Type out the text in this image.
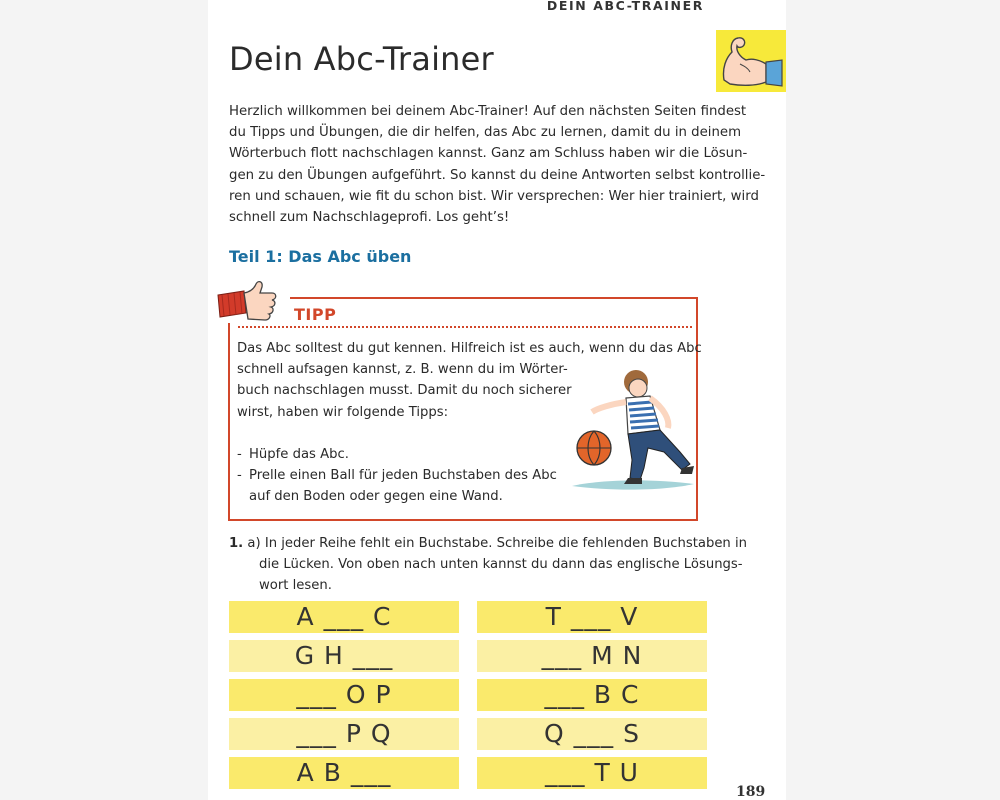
DEIN ABC-TRAINER
Dein Abc-Trainer
Herzlich willkommen bei deinem Abc-Trainer! Auf den nächsten Seiten findest
du Tipps und Übungen, die dir helfen, das Abc zu lernen, damit du in deinem
Wörterbuch flott nachschlagen kannst. Ganz am Schluss haben wir die Lösun-
gen zu den Übungen aufgeführt. So kannst du deine Antworten selbst kontrollie-
ren und schauen, wie fit du schon bist. Wir versprechen: Wer hier trainiert, wird
schnell zum Nachschlageprofi. Los geht’s!
Teil 1: Das Abc üben
TIPP
Das Abc solltest du gut kennen. Hilfreich ist es auch, wenn du das Abc
schnell aufsagen kannst, z. B. wenn du im Wörter-
buch nachschlagen musst. Damit du noch sicherer
wirst, haben wir folgende Tipps:
- Hüpfe das Abc.
- Prelle einen Ball für jeden Buchstaben des Abc
auf den Boden oder gegen eine Wand.
1. a) In jeder Reihe fehlt ein Buchstabe. Schreibe die fehlenden Buchstaben in
die Lücken. Von oben nach unten kannst du dann das englische Lösungs-
wort lesen.
A ___ C
G H ___
___ O P
___ P Q
A B ___
T ___ V
___ M N
___ B C
Q ___ S
___ T U
189
